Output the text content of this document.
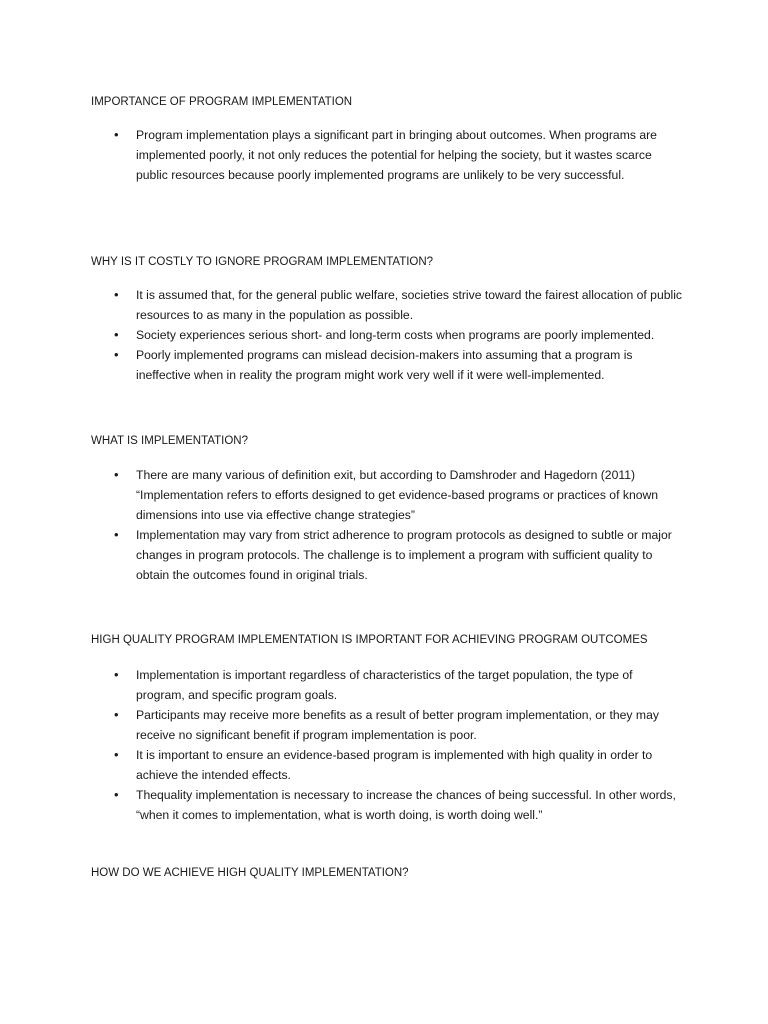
IMPORTANCE OF PROGRAM IMPLEMENTATION
• Program implementation plays a significant part in bringing about outcomes. When programs are implemented poorly, it not only reduces the potential for helping the society, but it wastes scarce public resources because poorly implemented programs are unlikely to be very successful.
WHY IS IT COSTLY TO IGNORE PROGRAM IMPLEMENTATION?
• It is assumed that, for the general public welfare, societies strive toward the fairest allocation of public resources to as many in the population as possible.
• Society experiences serious short- and long-term costs when programs are poorly implemented.
• Poorly implemented programs can mislead decision-makers into assuming that a program is ineffective when in reality the program might work very well if it were well-implemented.
WHAT IS IMPLEMENTATION?
• There are many various of definition exit, but according to Damshroder and Hagedorn (2011) “Implementation refers to efforts designed to get evidence-based programs or practices of known dimensions into use via effective change strategies”
• Implementation may vary from strict adherence to program protocols as designed to subtle or major changes in program protocols. The challenge is to implement a program with sufficient quality to obtain the outcomes found in original trials.
HIGH QUALITY PROGRAM IMPLEMENTATION IS IMPORTANT FOR ACHIEVING PROGRAM OUTCOMES
• Implementation is important regardless of characteristics of the target population, the type of program, and specific program goals.
• Participants may receive more benefits as a result of better program implementation, or they may receive no significant benefit if program implementation is poor.
• It is important to ensure an evidence-based program is implemented with high quality in order to achieve the intended effects.
• Thequality implementation is necessary to increase the chances of being successful. In other words, “when it comes to implementation, what is worth doing, is worth doing well.”
HOW DO WE ACHIEVE HIGH QUALITY IMPLEMENTATION?
